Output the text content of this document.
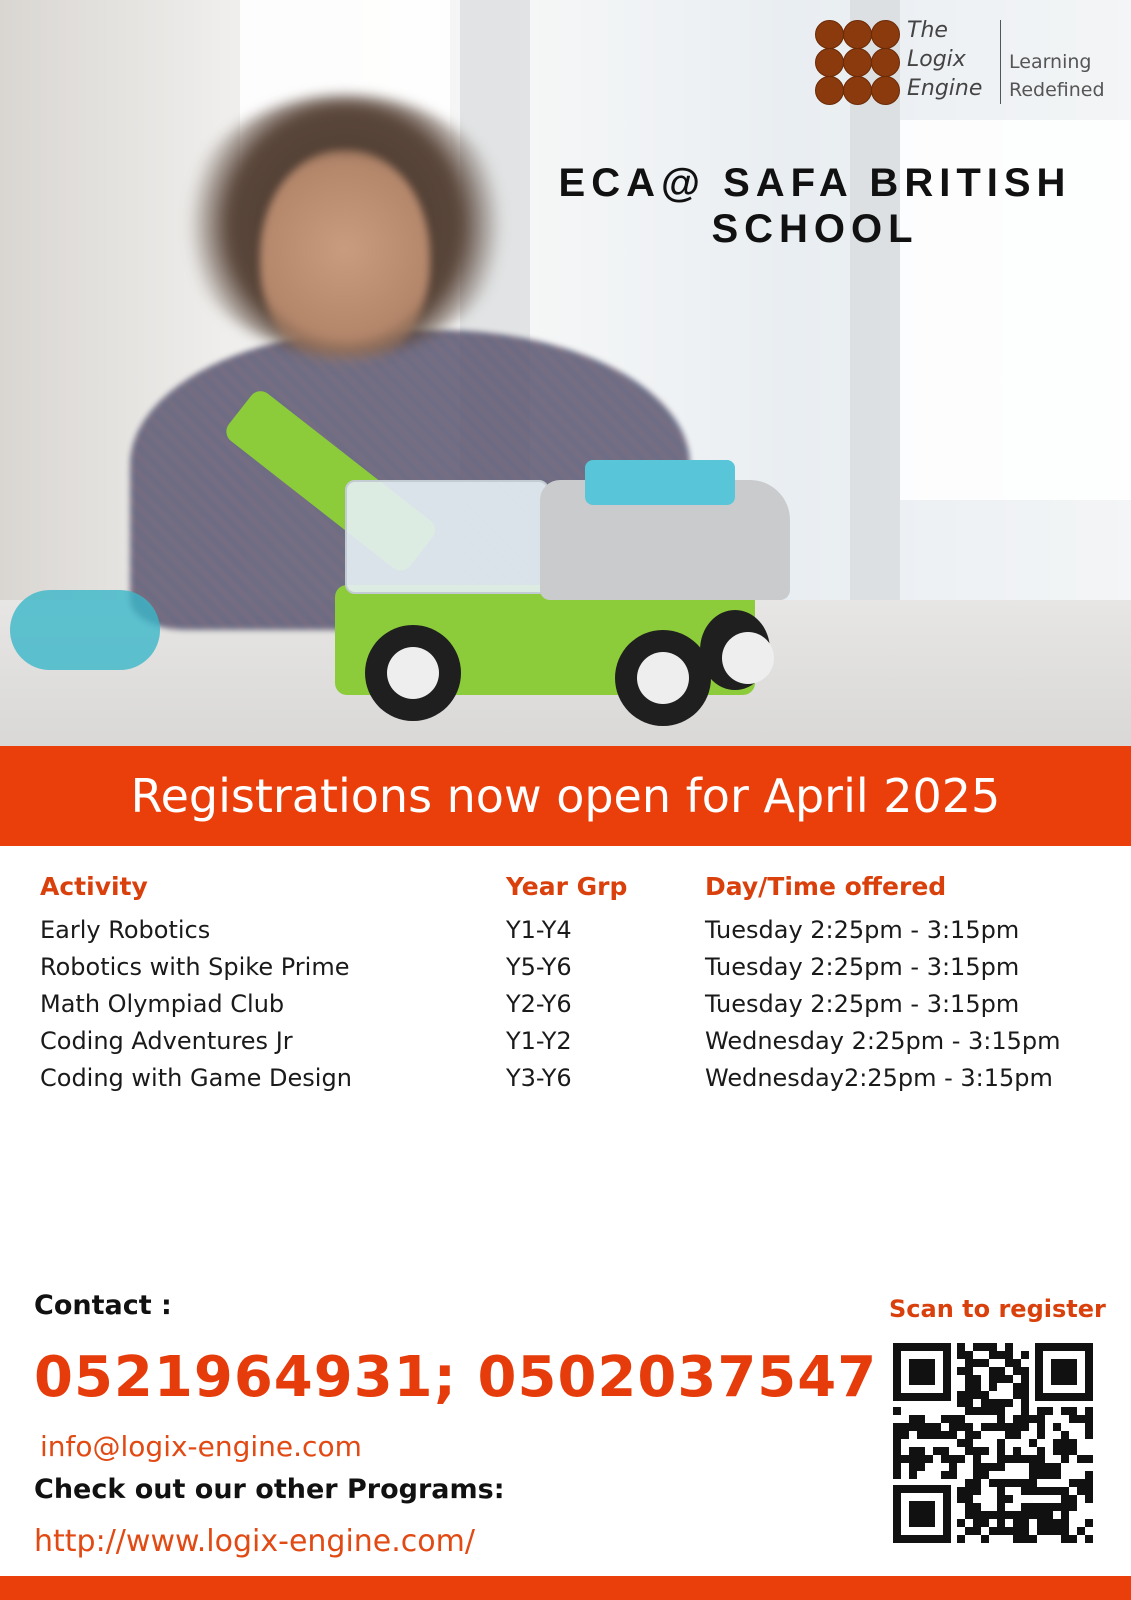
The
Logix
Engine
Learning
Redefined
ECA@ SAFA BRITISH
SCHOOL
Registrations now open for April 2025
Activity	Year Grp	Day/Time offered
Early Robotics	Y1-Y4	Tuesday 2:25pm - 3:15pm
Robotics with Spike Prime	Y5-Y6	Tuesday 2:25pm - 3:15pm
Math Olympiad Club	Y2-Y6	Tuesday 2:25pm - 3:15pm
Coding Adventures Jr	Y1-Y2	Wednesday 2:25pm - 3:15pm
Coding with Game Design	Y3-Y6	Wednesday2:25pm - 3:15pm
Contact :
0521964931; 0502037547
info@logix-engine.com
Check out our other Programs:
http://www.logix-engine.com/
Scan to register
